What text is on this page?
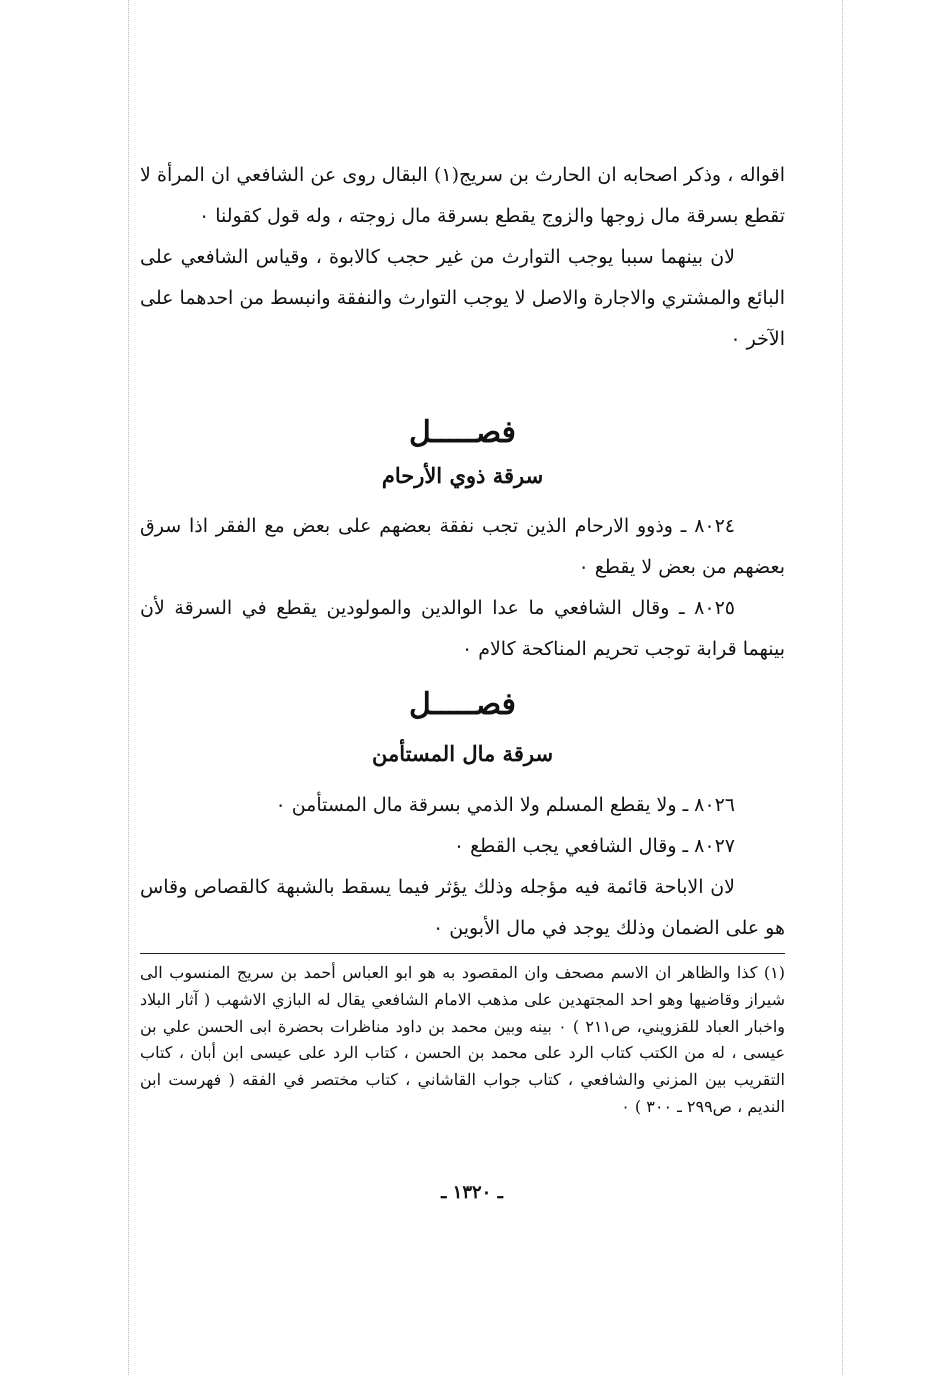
اقواله ، وذكر اصحابه ان الحارث بن سريج(١) البقال روى عن الشافعي ان المرأة لا تقطع بسرقة مال زوجها والزوج يقطع بسرقة مال زوجته ، وله قول كقولنا ٠

لان بينهما سببا يوجب التوارث من غير حجب كالابوة ، وقياس الشافعي على البائع والمشتري والاجارة والاصل لا يوجب التوارث والنفقة وانبسط من احدهما على الآخر ٠

فصـــــل

سرقة ذوي الأرحام

٨٠٢٤ ـ وذوو الارحام الذين تجب نفقة بعضهم على بعض مع الفقر اذا سرق بعضهم من بعض لا يقطع ٠

٨٠٢٥ ـ وقال الشافعي ما عدا الوالدين والمولودين يقطع في السرقة لأن بينهما قرابة توجب تحريم المناكحة كالام ٠

فصـــــل

سرقة مال المستأمن

٨٠٢٦ ـ ولا يقطع المسلم ولا الذمي بسرقة مال المستأمن ٠

٨٠٢٧ ـ وقال الشافعي يجب القطع ٠

لان الاباحة قائمة فيه مؤجله وذلك يؤثر فيما يسقط بالشبهة كالقصاص وقاس هو على الضمان وذلك يوجد في مال الأبوين ٠

(١) كذا والظاهر ان الاسم مصحف وان المقصود به هو ابو العباس أحمد بن سريج المنسوب الى شيراز وقاضيها وهو احد المجتهدين على مذهب الامام الشافعي يقال له البازي الاشهب ( آثار البلاد واخبار العباد للقزويني، ص٢١١ ) ٠ بينه وبين محمد بن داود مناظرات بحضرة ابى الحسن علي بن عيسى ، له من الكتب كتاب الرد على محمد بن الحسن ، كتاب الرد على عيسى ابن أبان ، كتاب التقريب بين المزني والشافعي ، كتاب جواب القاشاني ، كتاب مختصر في الفقه ( فهرست ابن النديم ، ص٢٩٩ ـ ٣٠٠ ) ٠

ـ ١٣٢٠ ـ
